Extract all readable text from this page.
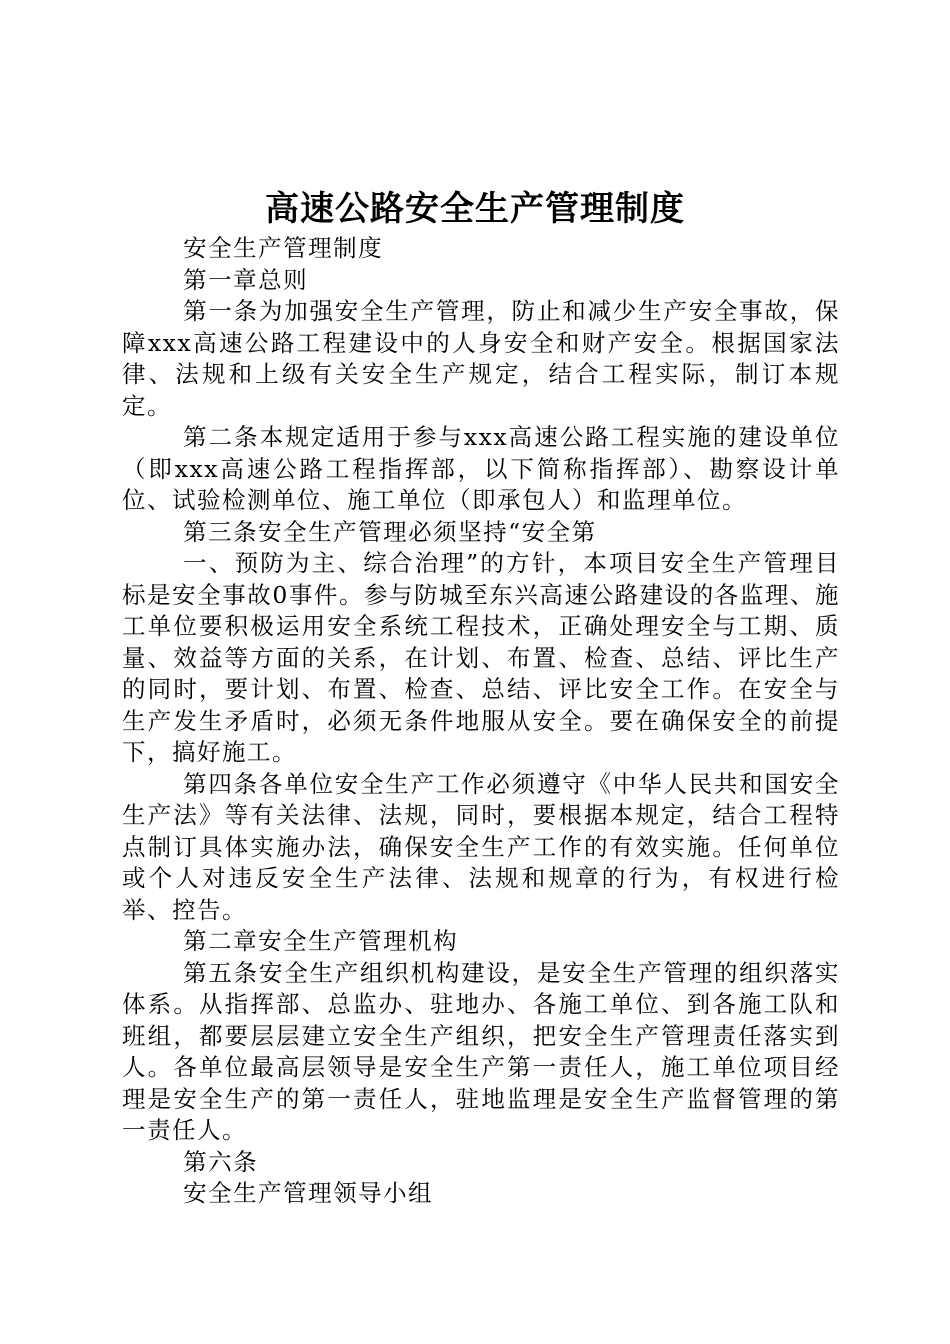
高速公路安全生产管理制度

安全生产管理制度

第一章总则

第一条为加强安全生产管理，防止和减少生产安全事故，保障xxx高速公路工程建设中的人身安全和财产安全。根据国家法律、法规和上级有关安全生产规定，结合工程实际，制订本规定。

第二条本规定适用于参与xxx高速公路工程实施的建设单位（即xxx高速公路工程指挥部，以下简称指挥部）、勘察设计单位、试验检测单位、施工单位（即承包人）和监理单位。

第三条安全生产管理必须坚持“安全第

一、预防为主、综合治理”的方针，本项目安全生产管理目标是安全事故0事件。参与防城至东兴高速公路建设的各监理、施工单位要积极运用安全系统工程技术，正确处理安全与工期、质量、效益等方面的关系，在计划、布置、检查、总结、评比生产的同时，要计划、布置、检查、总结、评比安全工作。在安全与生产发生矛盾时，必须无条件地服从安全。要在确保安全的前提下，搞好施工。

第四条各单位安全生产工作必须遵守《中华人民共和国安全生产法》等有关法律、法规，同时，要根据本规定，结合工程特点制订具体实施办法，确保安全生产工作的有效实施。任何单位或个人对违反安全生产法律、法规和规章的行为，有权进行检举、控告。

第二章安全生产管理机构

第五条安全生产组织机构建设，是安全生产管理的组织落实体系。从指挥部、总监办、驻地办、各施工单位、到各施工队和班组，都要层层建立安全生产组织，把安全生产管理责任落实到人。各单位最高层领导是安全生产第一责任人，施工单位项目经理是安全生产的第一责任人，驻地监理是安全生产监督管理的第一责任人。

第六条

安全生产管理领导小组
